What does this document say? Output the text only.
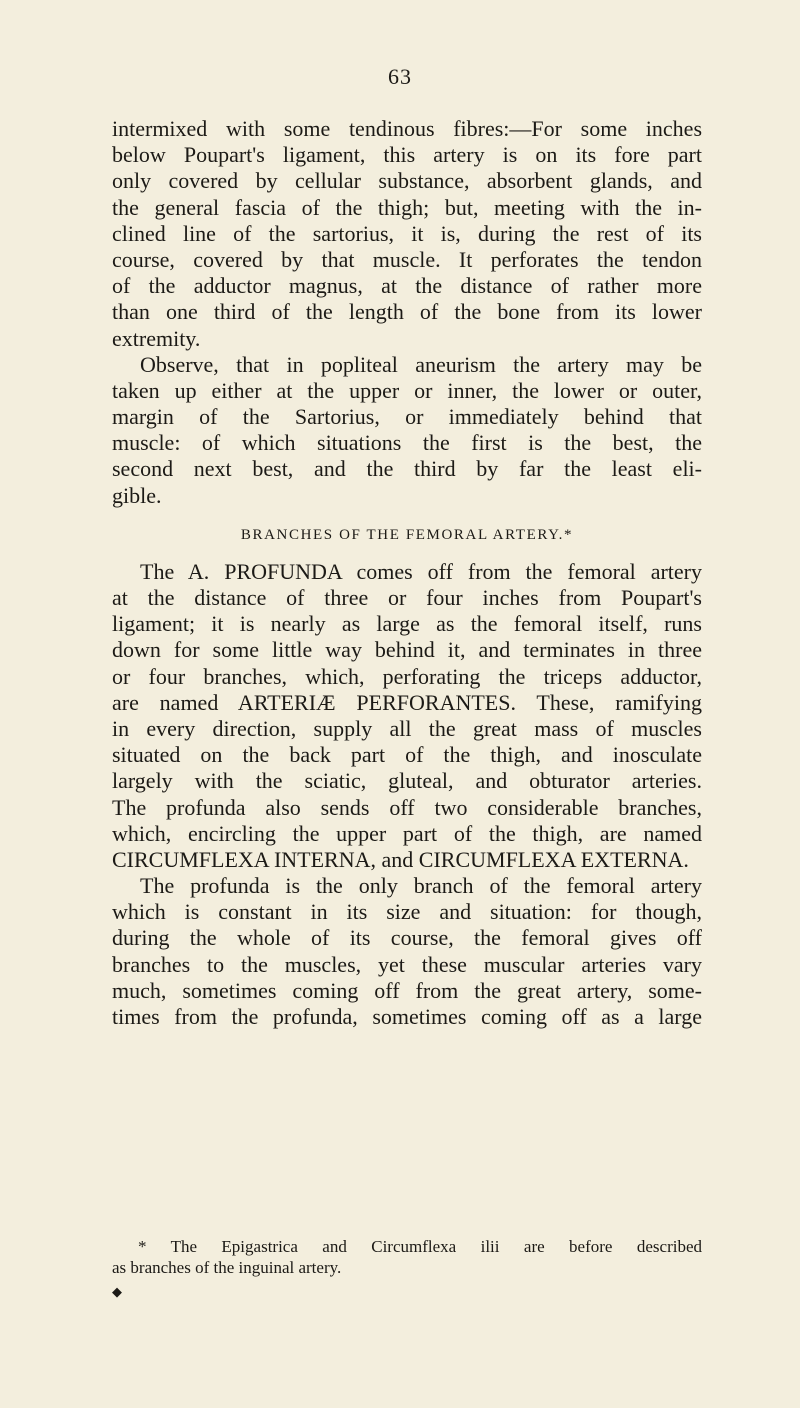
63
intermixed with some tendinous fibres:—For some inches
below Poupart's ligament, this artery is on its fore part
only covered by cellular substance, absorbent glands, and
the general fascia of the thigh; but, meeting with the in-
clined line of the sartorius, it is, during the rest of its
course, covered by that muscle. It perforates the tendon
of the adductor magnus, at the distance of rather more
than one third of the length of the bone from its lower
extremity.
Observe, that in popliteal aneurism the artery may be
taken up either at the upper or inner, the lower or outer,
margin of the Sartorius, or immediately behind that
muscle: of which situations the first is the best, the
second next best, and the third by far the least eli-
gible.
BRANCHES OF THE FEMORAL ARTERY.*
The A. PROFUNDA comes off from the femoral artery
at the distance of three or four inches from Poupart's
ligament; it is nearly as large as the femoral itself, runs
down for some little way behind it, and terminates in three
or four branches, which, perforating the triceps adductor,
are named ARTERIÆ PERFORANTES. These, ramifying
in every direction, supply all the great mass of muscles
situated on the back part of the thigh, and inosculate
largely with the sciatic, gluteal, and obturator arteries.
The profunda also sends off two considerable branches,
which, encircling the upper part of the thigh, are named
CIRCUMFLEXA INTERNA, and CIRCUMFLEXA EXTERNA.
The profunda is the only branch of the femoral artery
which is constant in its size and situation: for though,
during the whole of its course, the femoral gives off
branches to the muscles, yet these muscular arteries vary
much, sometimes coming off from the great artery, some-
times from the profunda, sometimes coming off as a large
* The Epigastrica and Circumflexa ilii are before described
as branches of the inguinal artery.
◆
